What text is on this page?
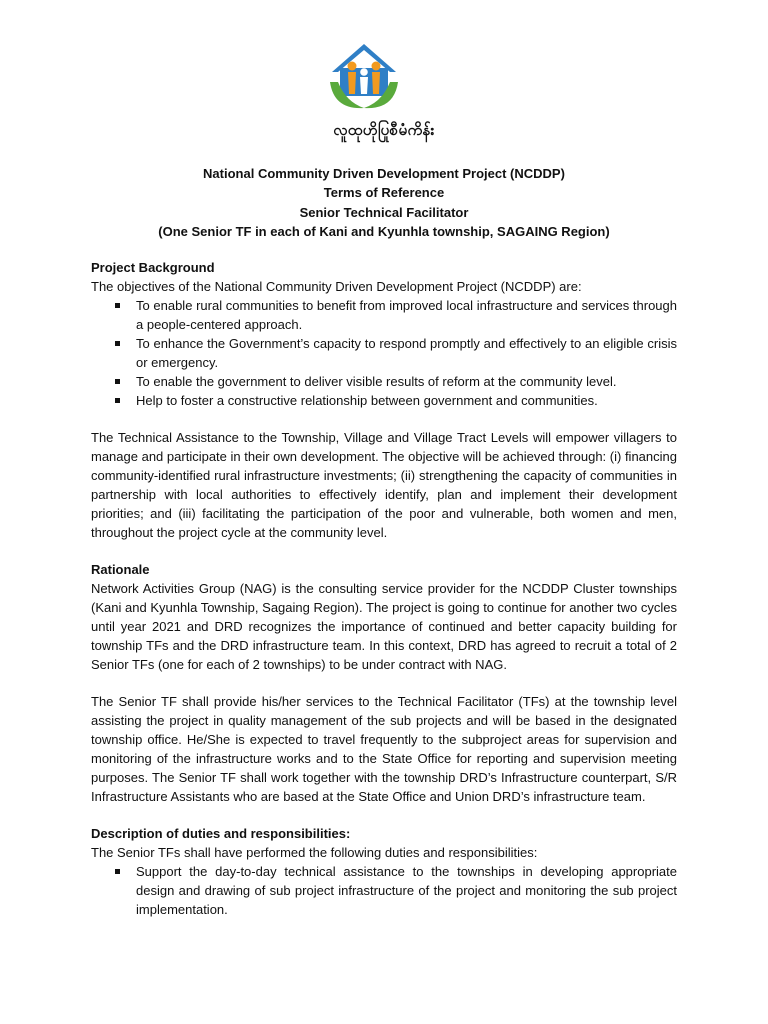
လူထုဟိုပြုစီမံကိန်း
National Community Driven Development Project (NCDDP)
Terms of Reference
Senior Technical Facilitator
(One Senior TF in each of Kani and Kyunhla township, SAGAING Region)
Project Background

The objectives of the National Community Driven Development Project (NCDDP) are:

To enable rural communities to benefit from improved local infrastructure and services through a people-centered approach.
To enhance the Government’s capacity to respond promptly and effectively to an eligible crisis or emergency.
To enable the government to deliver visible results of reform at the community level.
Help to foster a constructive relationship between government and communities.

The Technical Assistance to the Township, Village and Village Tract Levels will empower villagers to manage and participate in their own development. The objective will be achieved through: (i) financing community-identified rural infrastructure investments; (ii) strengthening the capacity of communities in partnership with local authorities to effectively identify, plan and implement their development priorities; and (iii) facilitating the participation of the poor and vulnerable, both women and men, throughout the project cycle at the community level.

Rationale

Network Activities Group (NAG) is the consulting service provider for the NCDDP Cluster townships (Kani and Kyunhla Township, Sagaing Region). The project is going to continue for another two cycles until year 2021 and DRD recognizes the importance of continued and better capacity building for township TFs and the DRD infrastructure team. In this context, DRD has agreed to recruit a total of 2 Senior TFs (one for each of 2 townships) to be under contract with NAG.

The Senior TF shall provide his/her services to the Technical Facilitator (TFs) at the township level assisting the project in quality management of the sub projects and will be based in the designated township office. He/She is expected to travel frequently to the subproject areas for supervision and monitoring of the infrastructure works and to the State Office for reporting and supervision meeting purposes. The Senior TF shall work together with the township DRD’s Infrastructure counterpart, S/R Infrastructure Assistants who are based at the State Office and Union DRD’s infrastructure team.

Description of duties and responsibilities:

The Senior TFs shall have performed the following duties and responsibilities:

Support the day-to-day technical assistance to the townships in developing appropriate design and drawing of sub project infrastructure of the project and monitoring the sub project implementation.
